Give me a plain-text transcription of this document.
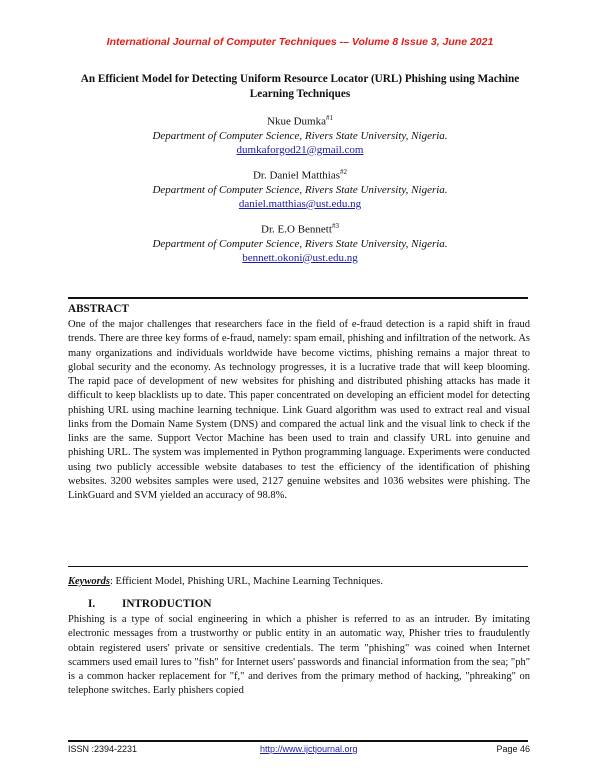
International Journal of Computer Techniques -– Volume 8 Issue 3, June 2021
An Efficient Model for Detecting Uniform Resource Locator (URL) Phishing using Machine Learning Techniques
Nkue Dumka$^{\#1}$
Department of Computer Science, Rivers State University, Nigeria.
dumkaforgod21@gmail.com
Dr. Daniel Matthias$^{\#2}$
Department of Computer Science, Rivers State University, Nigeria.
daniel.matthias@ust.edu.ng
Dr. E.O Bennett$^{\#3}$
Department of Computer Science, Rivers State University, Nigeria.
bennett.okoni@ust.edu.ng
ABSTRACT

One of the major challenges that researchers face in the field of e-fraud detection is a rapid shift in fraud trends. There are three key forms of e-fraud, namely: spam email, phishing and infiltration of the network. As many organizations and individuals worldwide have become victims, phishing remains a major threat to global security and the economy. As technology progresses, it is a lucrative trade that will keep blooming. The rapid pace of development of new websites for phishing and distributed phishing attacks has made it difficult to keep blacklists up to date. This paper concentrated on developing an efficient model for detecting phishing URL using machine learning technique. Link Guard algorithm was used to extract real and visual links from the Domain Name System (DNS) and compared the actual link and the visual link to check if the links are the same. Support Vector Machine has been used to train and classify URL into genuine and phishing URL. The system was implemented in Python programming language. Experiments were conducted using two publicly accessible website databases to test the efficiency of the identification of phishing websites. 3200 websites samples were used, 2127 genuine websites and 1036 websites were phishing. The LinkGuard and SVM yielded an accuracy of 98.8%.

Keywords: Efficient Model, Phishing URL, Machine Learning Techniques.
I. INTRODUCTION

Phishing is a type of social engineering in which a phisher is referred to as an intruder. By imitating electronic messages from a trustworthy or public entity in an automatic way, Phisher tries to fraudulently obtain registered users' private or sensitive credentials. The term "phishing" was coined when Internet scammers used email lures to "fish" for Internet users' passwords and financial information from the sea; "ph" is a common hacker replacement for "f," and derives from the primary method of hacking, "phreaking" on telephone switches. Early phishers copied

ISSN :2394-2231	http://www.ijctjournal.org	Page 46
